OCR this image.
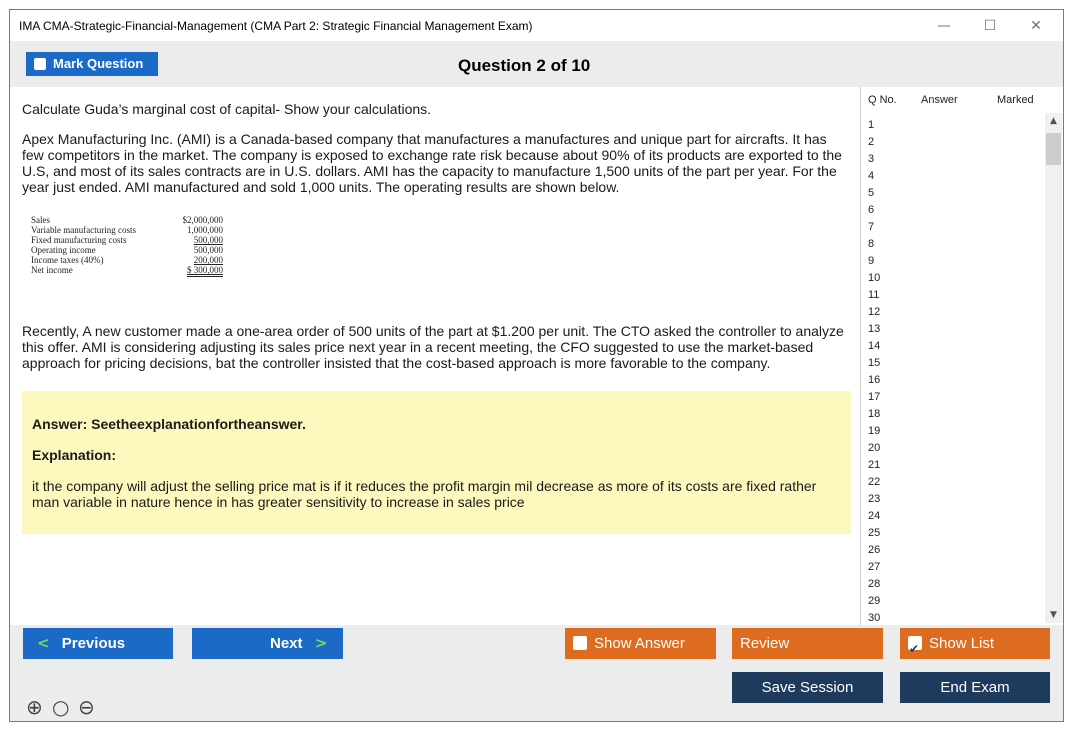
IMA CMA-Strategic-Financial-Management (CMA Part 2: Strategic Financial Management Exam)	—	☐	✕
Mark Question	Question 2 of 10

Calculate Guda’s marginal cost of capital- Show your calculations.

Apex Manufacturing Inc. (AMI) is a Canada-based company that manufactures a manufactures and unique part for aircrafts. It has few competitors in the market. The company is exposed to exchange rate risk because about 90% of its products are exported to the U.S, and most of its sales contracts are in U.S. dollars. AMI has the capacity to manufacture 1,500 units of the part per year. For the year just ended. AMI manufactured and sold 1,000 units. The operating results are shown below.

Sales	$2,000,000
Variable manufacturing costs	1,000,000
Fixed manufacturing costs	500,000
Operating income	500,000
Income taxes (40%)	200,000
Net income	$ 300,000

Recently, A new customer made a one-area order of 500 units of the part at $1.200 per unit. The CTO asked the controller to analyze this offer. AMI is considering adjusting its sales price next year in a recent meeting, the CFO suggested to use the market-based approach for pricing decisions, bat the controller insisted that the cost-based approach is more favorable to the company.

Answer: Seetheexplanationfortheanswer.
Explanation:
it the company will adjust the selling price mat is if it reduces the profit margin mil decrease as more of its costs are fixed rather man variable in nature hence in has greater sensitivity to increase in sales price
Q No. Answer	Marked
1
2
3
4
5
6
7
8
9
10
11
12
13
14
15
16
17
18
19
20
21
22
23
24
25
26
27
28
29
30
▲
▼
< Previous	Next >	Show Answer	Review ✔	Show List
Save Session	End Exam
⊕ ○ ⊖
